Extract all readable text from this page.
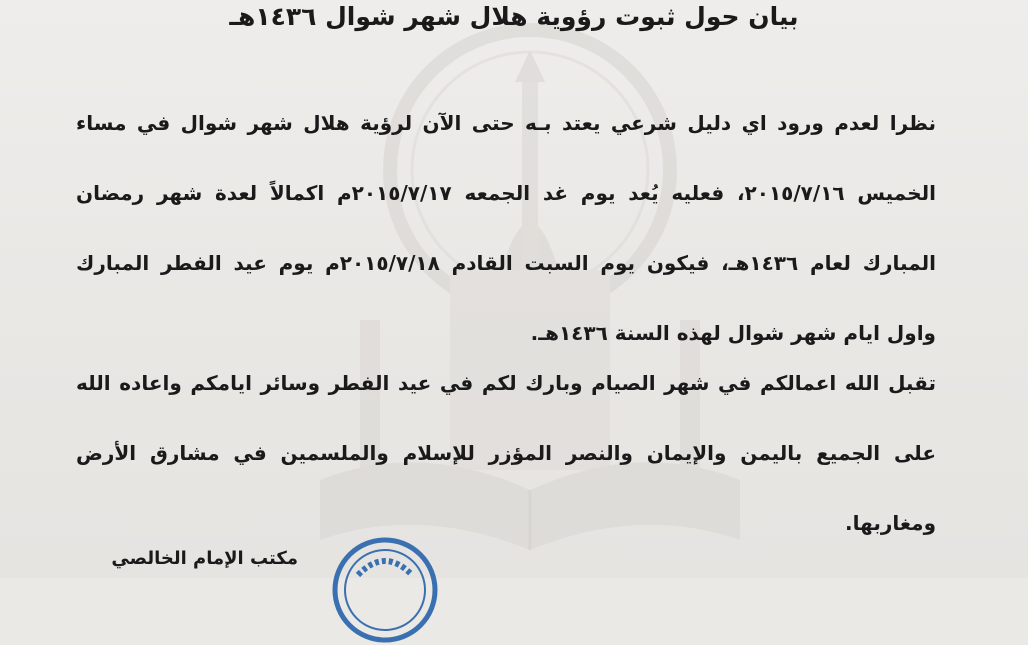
بيان حول ثبوت رؤوية هلال شهر شوال ١٤٣٦هـ
نظرا لعدم ورود اي دليل شرعي يعتد بـه حتى الآن لرؤية هلال شهر شوال في مساء
الخميس ٢٠١٥/٧/١٦، فعليه يُعد يوم غد الجمعه ٢٠١٥/٧/١٧م اكمالاً لعدة شهر رمضان
المبارك لعام ١٤٣٦هـ، فيكون يوم السبت القادم ٢٠١٥/٧/١٨م يوم عيد الفطر المبارك
واول ايام شهر شوال لهذه السنة ١٤٣٦هـ.
تقبل الله اعمالكم في شهر الصيام وبارك لكم في عيد الفطر وسائر ايامكم واعاده الله
على الجميع باليمن والإيمان والنصر المؤزر للإسلام والملسمين في مشارق الأرض
ومغاربها.
مكتب الإمام الخالصي
